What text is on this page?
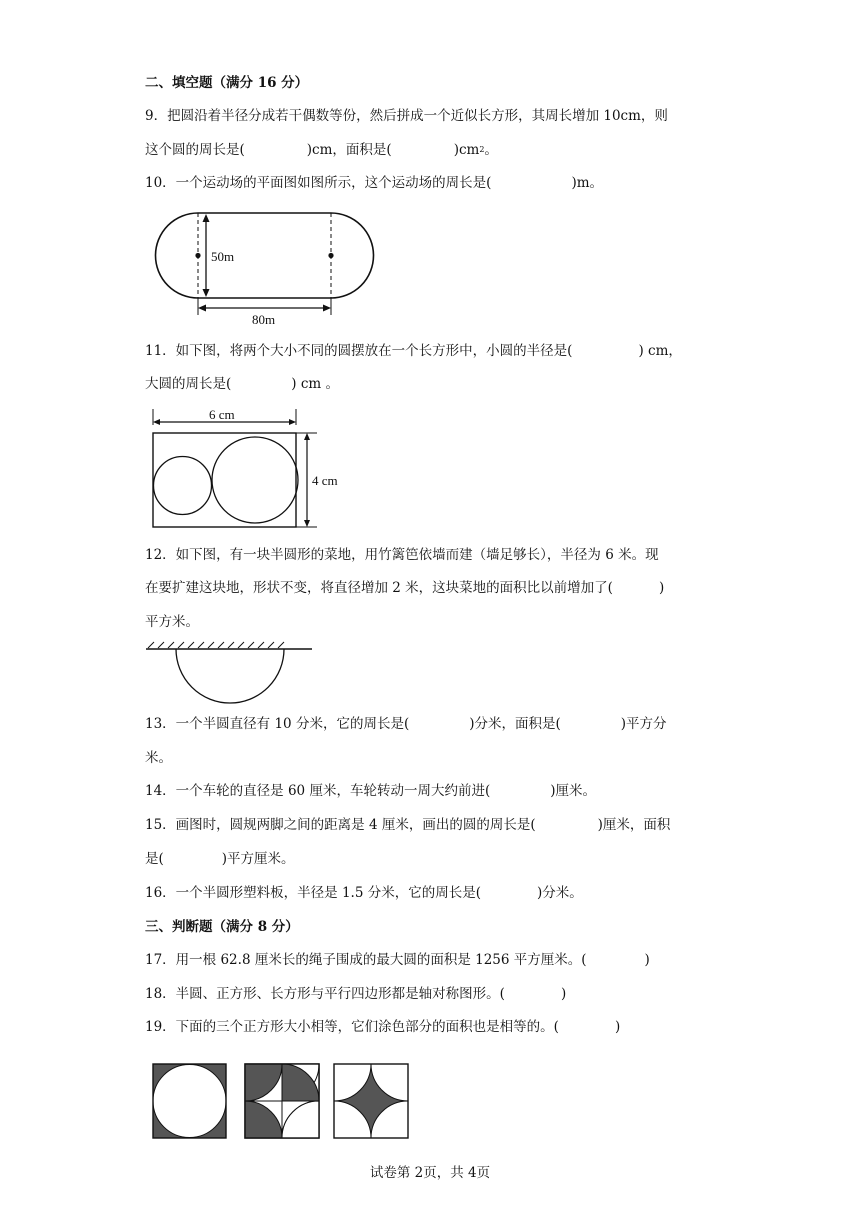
二、填空题（满分 16 分）
9．把圆沿着半径分成若干偶数等份，然后拼成一个近似长方形，其周长增加 10cm，则
这个圆的周长是(	)cm，面积是(	)$cm^2$。
10．一个运动场的平面图如图所示，这个运动场的周长是(	)m。
50m
80m
11．如下图，将两个大小不同的圆摆放在一个长方形中，小圆的半径是(	) cm，
大圆的周长是(	) cm 。
6 cm
4 cm
12．如下图，有一块半圆形的菜地，用竹篱笆依墙而建（墙足够长），半径为 6 米。现
在要扩建这块地，形状不变，将直径增加 2 米，这块菜地的面积比以前增加了(	)
平方米。
13．一个半圆直径有 10 分米，它的周长是(	)分米，面积是(	)平方分
米。
14．一个车轮的直径是 60 厘米，车轮转动一周大约前进(	)厘米。
15．画图时，圆规两脚之间的距离是 4 厘米，画出的圆的周长是(	)厘米，面积
是(	)平方厘米。
16．一个半圆形塑料板，半径是 1.5 分米，它的周长是(	)分米。
三、判断题（满分 8 分）
17．用一根 62.8 厘米长的绳子围成的最大圆的面积是 1256 平方厘米。(	)
18．半圆、正方形、长方形与平行四边形都是轴对称图形。(	)
19．下面的三个正方形大小相等，它们涂色部分的面积也是相等的。(	)
试卷第 2页，共 4页
